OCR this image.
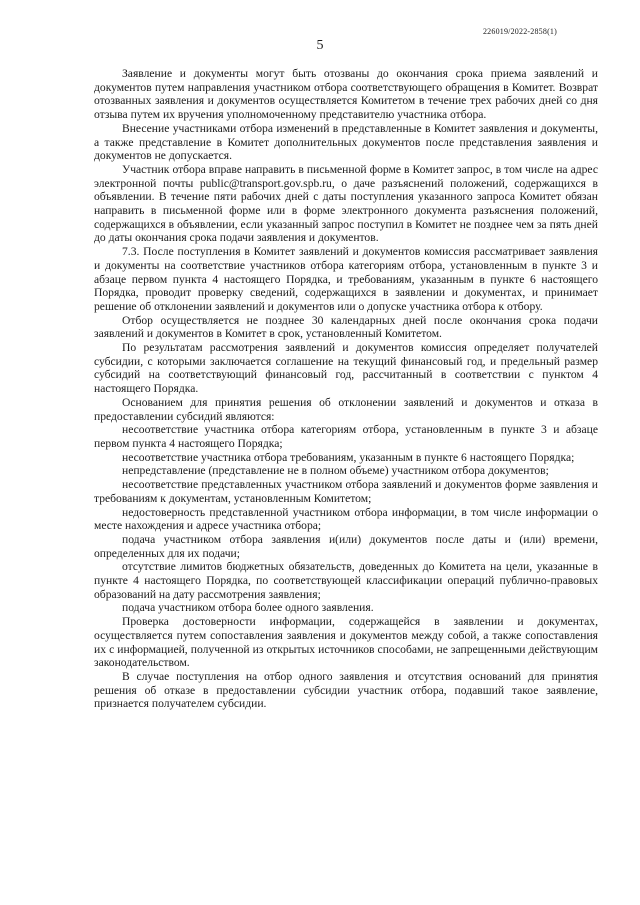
226019/2022-2858(1)
5

Заявление и документы могут быть отозваны до окончания срока приема заявлений и документов путем направления участником отбора соответствующего обращения в Комитет. Возврат отозванных заявления и документов осуществляется Комитетом в течение трех рабочих дней со дня отзыва путем их вручения уполномоченному представителю участника отбора.

Внесение участниками отбора изменений в представленные в Комитет заявления и документы, а также представление в Комитет дополнительных документов после представления заявления и документов не допускается.

Участник отбора вправе направить в письменной форме в Комитет запрос, в том числе на адрес электронной почты public@transport.gov.spb.ru, о даче разъяснений положений, содержащихся в объявлении. В течение пяти рабочих дней с даты поступления указанного запроса Комитет обязан направить в письменной форме или в форме электронного документа разъяснения положений, содержащихся в объявлении, если указанный запрос поступил в Комитет не позднее чем за пять дней до даты окончания срока подачи заявления и документов.

7.3. После поступления в Комитет заявлений и документов комиссия рассматривает заявления и документы на соответствие участников отбора категориям отбора, установленным в пункте 3 и абзаце первом пункта 4 настоящего Порядка, и требованиям, указанным в пункте 6 настоящего Порядка, проводит проверку сведений, содержащихся в заявлении и документах, и принимает решение об отклонении заявлений и документов или о допуске участника отбора к отбору.

Отбор осуществляется не позднее 30 календарных дней после окончания срока подачи заявлений и документов в Комитет в срок, установленный Комитетом.

По результатам рассмотрения заявлений и документов комиссия определяет получателей субсидии, с которыми заключается соглашение на текущий финансовый год, и предельный размер субсидий на соответствующий финансовый год, рассчитанный в соответствии с пунктом 4 настоящего Порядка.

Основанием для принятия решения об отклонении заявлений и документов и отказа в предоставлении субсидий являются:

несоответствие участника отбора категориям отбора, установленным в пункте 3 и абзаце первом пункта 4 настоящего Порядка;

несоответствие участника отбора требованиям, указанным в пункте 6 настоящего Порядка;

непредставление (представление не в полном объеме) участником отбора документов;

несоответствие представленных участником отбора заявлений и документов форме заявления и требованиям к документам, установленным Комитетом;

недостоверность представленной участником отбора информации, в том числе информации о месте нахождения и адресе участника отбора;

подача участником отбора заявления и(или) документов после даты и (или) времени, определенных для их подачи;

отсутствие лимитов бюджетных обязательств, доведенных до Комитета на цели, указанные в пункте 4 настоящего Порядка, по соответствующей классификации операций публично-правовых образований на дату рассмотрения заявления;

подача участником отбора более одного заявления.

Проверка достоверности информации, содержащейся в заявлении и документах, осуществляется путем сопоставления заявления и документов между собой, а также сопоставления их с информацией, полученной из открытых источников способами, не запрещенными действующим законодательством.

В случае поступления на отбор одного заявления и отсутствия оснований для принятия решения об отказе в предоставлении субсидии участник отбора, подавший такое заявление, признается получателем субсидии.
